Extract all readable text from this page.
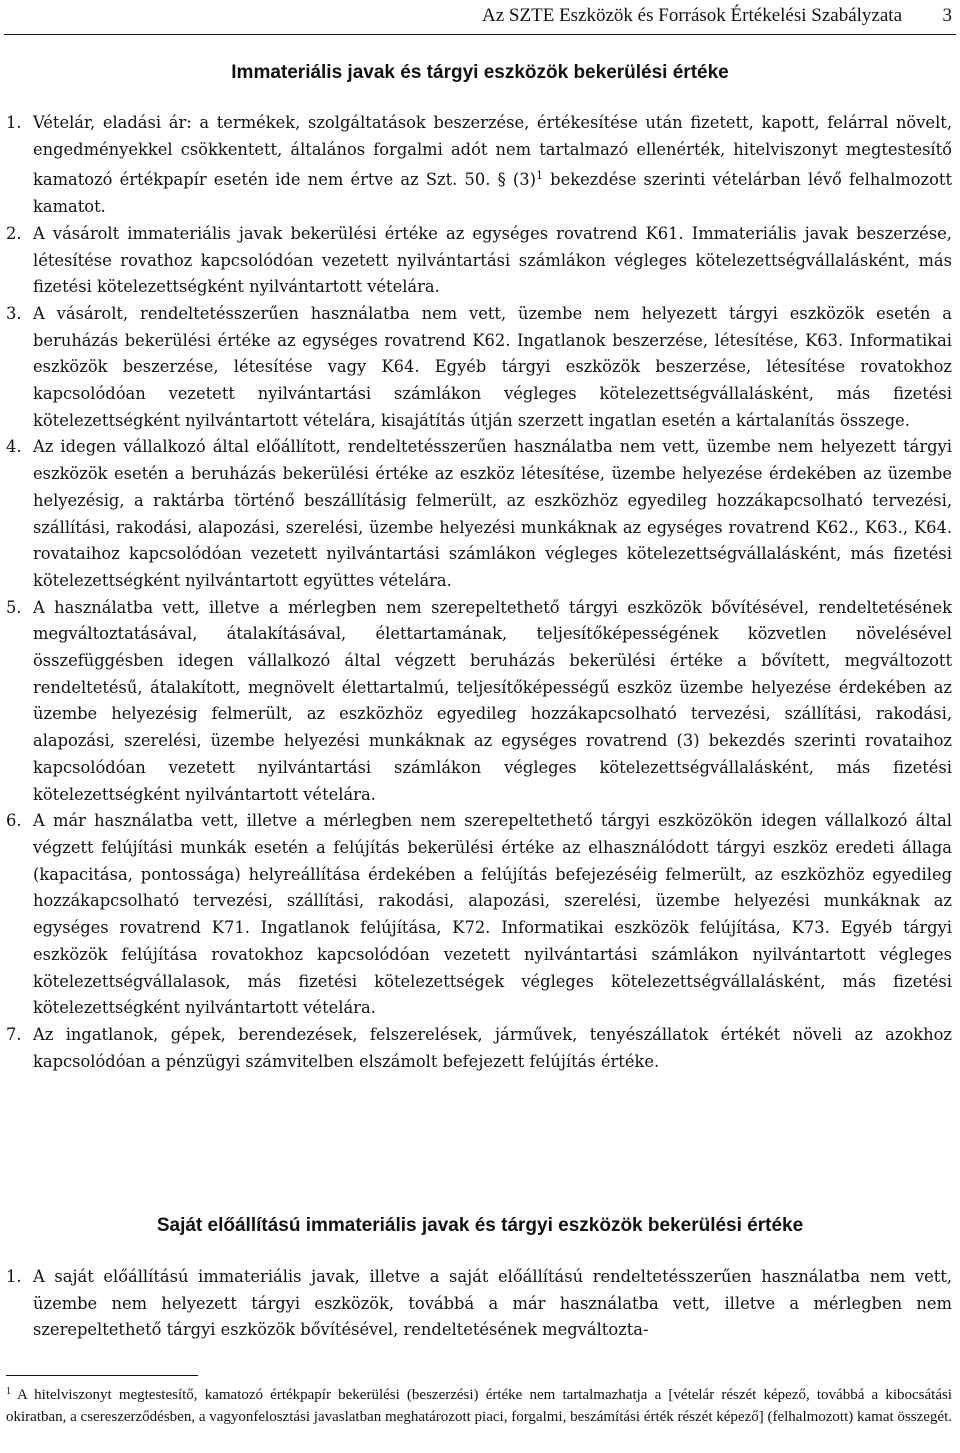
Az SZTE Eszközök és Források Értékelési Szabályzata 3
Immateriális javak és tárgyi eszközök bekerülési értéke
1. Vételár, eladási ár: a termékek, szolgáltatások beszerzése, értékesítése után fizetett, kapott, felárral növelt, engedményekkel csökkentett, általános forgalmi adót nem tartalmazó ellenérték, hitelviszonyt megtestesítő kamatozó értékpapír esetén ide nem értve az Szt. 50. § $(3)^1$ bekezdése szerinti vételárban lévő felhalmozott kamatot.
2. A vásárolt immateriális javak bekerülési értéke az egységes rovatrend K61. Immateriális javak beszerzése, létesítése rovathoz kapcsolódóan vezetett nyilvántartási számlákon végleges kötelezettségvállalásként, más fizetési kötelezettségként nyilvántartott vételára.
3. A vásárolt, rendeltetésszerűen használatba nem vett, üzembe nem helyezett tárgyi eszközök esetén a beruházás bekerülési értéke az egységes rovatrend K62. Ingatlanok beszerzése, létesítése, K63. Informatikai eszközök beszerzése, létesítése vagy K64. Egyéb tárgyi eszközök beszerzése, létesítése rovatokhoz kapcsolódóan vezetett nyilvántartási számlákon végleges kötelezettségvállalásként, más fizetési kötelezettségként nyilvántartott vételára, kisajátítás útján szerzett ingatlan esetén a kártalanítás összege.
4. Az idegen vállalkozó által előállított, rendeltetésszerűen használatba nem vett, üzembe nem helyezett tárgyi eszközök esetén a beruházás bekerülési értéke az eszköz létesítése, üzembe helyezése érdekében az üzembe helyezésig, a raktárba történő beszállításig felmerült, az eszközhöz egyedileg hozzákapcsolható tervezési, szállítási, rakodási, alapozási, szerelési, üzembe helyezési munkáknak az egységes rovatrend K62., K63., K64. rovataihoz kapcsolódóan vezetett nyilvántartási számlákon végleges kötelezettségvállalásként, más fizetési kötelezettségként nyilvántartott együttes vételára.
5. A használatba vett, illetve a mérlegben nem szerepeltethető tárgyi eszközök bővítésével, rendeltetésének megváltoztatásával, átalakításával, élettartamának, teljesítőképességének közvetlen növelésével összefüggésben idegen vállalkozó által végzett beruházás bekerülési értéke a bővített, megváltozott rendeltetésű, átalakított, megnövelt élettartalmú, teljesítőképességű eszköz üzembe helyezése érdekében az üzembe helyezésig felmerült, az eszközhöz egyedileg hozzákapcsolható tervezési, szállítási, rakodási, alapozási, szerelési, üzembe helyezési munkáknak az egységes rovatrend (3) bekezdés szerinti rovataihoz kapcsolódóan vezetett nyilvántartási számlákon végleges kötelezettségvállalásként, más fizetési kötelezettségként nyilvántartott vételára.
6. A már használatba vett, illetve a mérlegben nem szerepeltethető tárgyi eszközökön idegen vállalkozó által végzett felújítási munkák esetén a felújítás bekerülési értéke az elhasználódott tárgyi eszköz eredeti állaga (kapacitása, pontossága) helyreállítása érdekében a felújítás befejezéséig felmerült, az eszközhöz egyedileg hozzákapcsolható tervezési, szállítási, rakodási, alapozási, szerelési, üzembe helyezési munkáknak az egységes rovatrend K71. Ingatlanok felújítása, K72. Informatikai eszközök felújítása, K73. Egyéb tárgyi eszközök felújítása rovatokhoz kapcsolódóan vezetett nyilvántartási számlákon nyilvántartott végleges kötelezettségvállalasok, más fizetési kötelezettségek végleges kötelezettségvállalásként, más fizetési kötelezettségként nyilvántartott vételára.
7. Az ingatlanok, gépek, berendezések, felszerelések, járművek, tenyészállatok értékét növeli az azokhoz kapcsolódóan a pénzügyi számvitelben elszámolt befejezett felújítás értéke.
Saját előállítású immateriális javak és tárgyi eszközök bekerülési értéke
1. A saját előállítású immateriális javak, illetve a saját előállítású rendeltetésszerűen használatba nem vett, üzembe nem helyezett tárgyi eszközök, továbbá a már használatba vett, illetve a mérlegben nem szerepeltethető tárgyi eszközök bővítésével, rendeltetésének megváltozta-
$^1$ A hitelviszonyt megtestesítő, kamatozó értékpapír bekerülési (beszerzési) értéke nem tartalmazhatja a [vételár részét képező, továbbá a kibocsátási okiratban, a csereszerződésben, a vagyonfelosztási javaslatban meghatározott piaci, forgalmi, beszámítási érték részét képező] (felhalmozott) kamat összegét.
